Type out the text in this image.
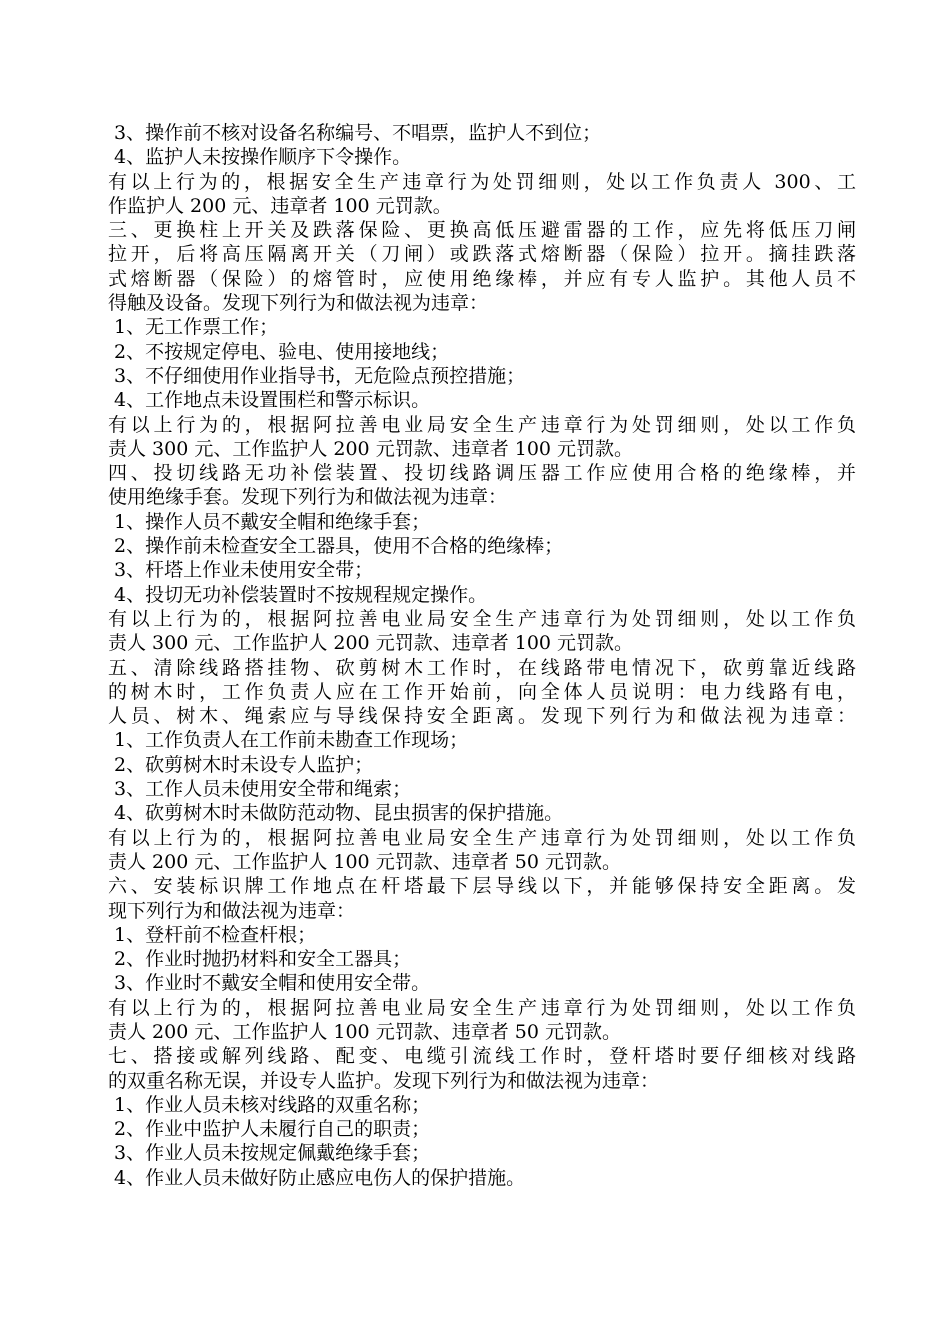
3、操作前不核对设备名称编号、不唱票，监护人不到位；
4、监护人未按操作顺序下令操作。
有以上行为的，根据安全生产违章行为处罚细则，处以工作负责人 300、工
作监护人 200 元、违章者 100 元罚款。
三、更换柱上开关及跌落保险、更换高低压避雷器的工作，应先将低压刀闸
拉开，后将高压隔离开关（刀闸）或跌落式熔断器（保险）拉开。摘挂跌落
式熔断器（保险）的熔管时，应使用绝缘棒，并应有专人监护。其他人员不
得触及设备。发现下列行为和做法视为违章：
1、无工作票工作；
2、不按规定停电、验电、使用接地线；
3、不仔细使用作业指导书，无危险点预控措施；
4、工作地点未设置围栏和警示标识。
有以上行为的，根据阿拉善电业局安全生产违章行为处罚细则，处以工作负
责人 300 元、工作监护人 200 元罚款、违章者 100 元罚款。
四、投切线路无功补偿装置、投切线路调压器工作应使用合格的绝缘棒，并
使用绝缘手套。发现下列行为和做法视为违章：
1、操作人员不戴安全帽和绝缘手套；
2、操作前未检查安全工器具，使用不合格的绝缘棒；
3、杆塔上作业未使用安全带；
4、投切无功补偿装置时不按规程规定操作。
有以上行为的，根据阿拉善电业局安全生产违章行为处罚细则，处以工作负
责人 300 元、工作监护人 200 元罚款、违章者 100 元罚款。
五、清除线路搭挂物、砍剪树木工作时，在线路带电情况下，砍剪靠近线路
的树木时，工作负责人应在工作开始前，向全体人员说明：电力线路有电，
人员、树木、绳索应与导线保持安全距离。发现下列行为和做法视为违章：
1、工作负责人在工作前未勘查工作现场；
2、砍剪树木时未设专人监护；
3、工作人员未使用安全带和绳索；
4、砍剪树木时未做防范动物、昆虫损害的保护措施。
有以上行为的，根据阿拉善电业局安全生产违章行为处罚细则，处以工作负
责人 200 元、工作监护人 100 元罚款、违章者 50 元罚款。
六、安装标识牌工作地点在杆塔最下层导线以下，并能够保持安全距离。发
现下列行为和做法视为违章：
1、登杆前不检查杆根；
2、作业时抛扔材料和安全工器具；
3、作业时不戴安全帽和使用安全带。
有以上行为的，根据阿拉善电业局安全生产违章行为处罚细则，处以工作负
责人 200 元、工作监护人 100 元罚款、违章者 50 元罚款。
七、搭接或解列线路、配变、电缆引流线工作时，登杆塔时要仔细核对线路
的双重名称无误，并设专人监护。发现下列行为和做法视为违章：
1、作业人员未核对线路的双重名称；
2、作业中监护人未履行自己的职责；
3、作业人员未按规定佩戴绝缘手套；
4、作业人员未做好防止感应电伤人的保护措施。
